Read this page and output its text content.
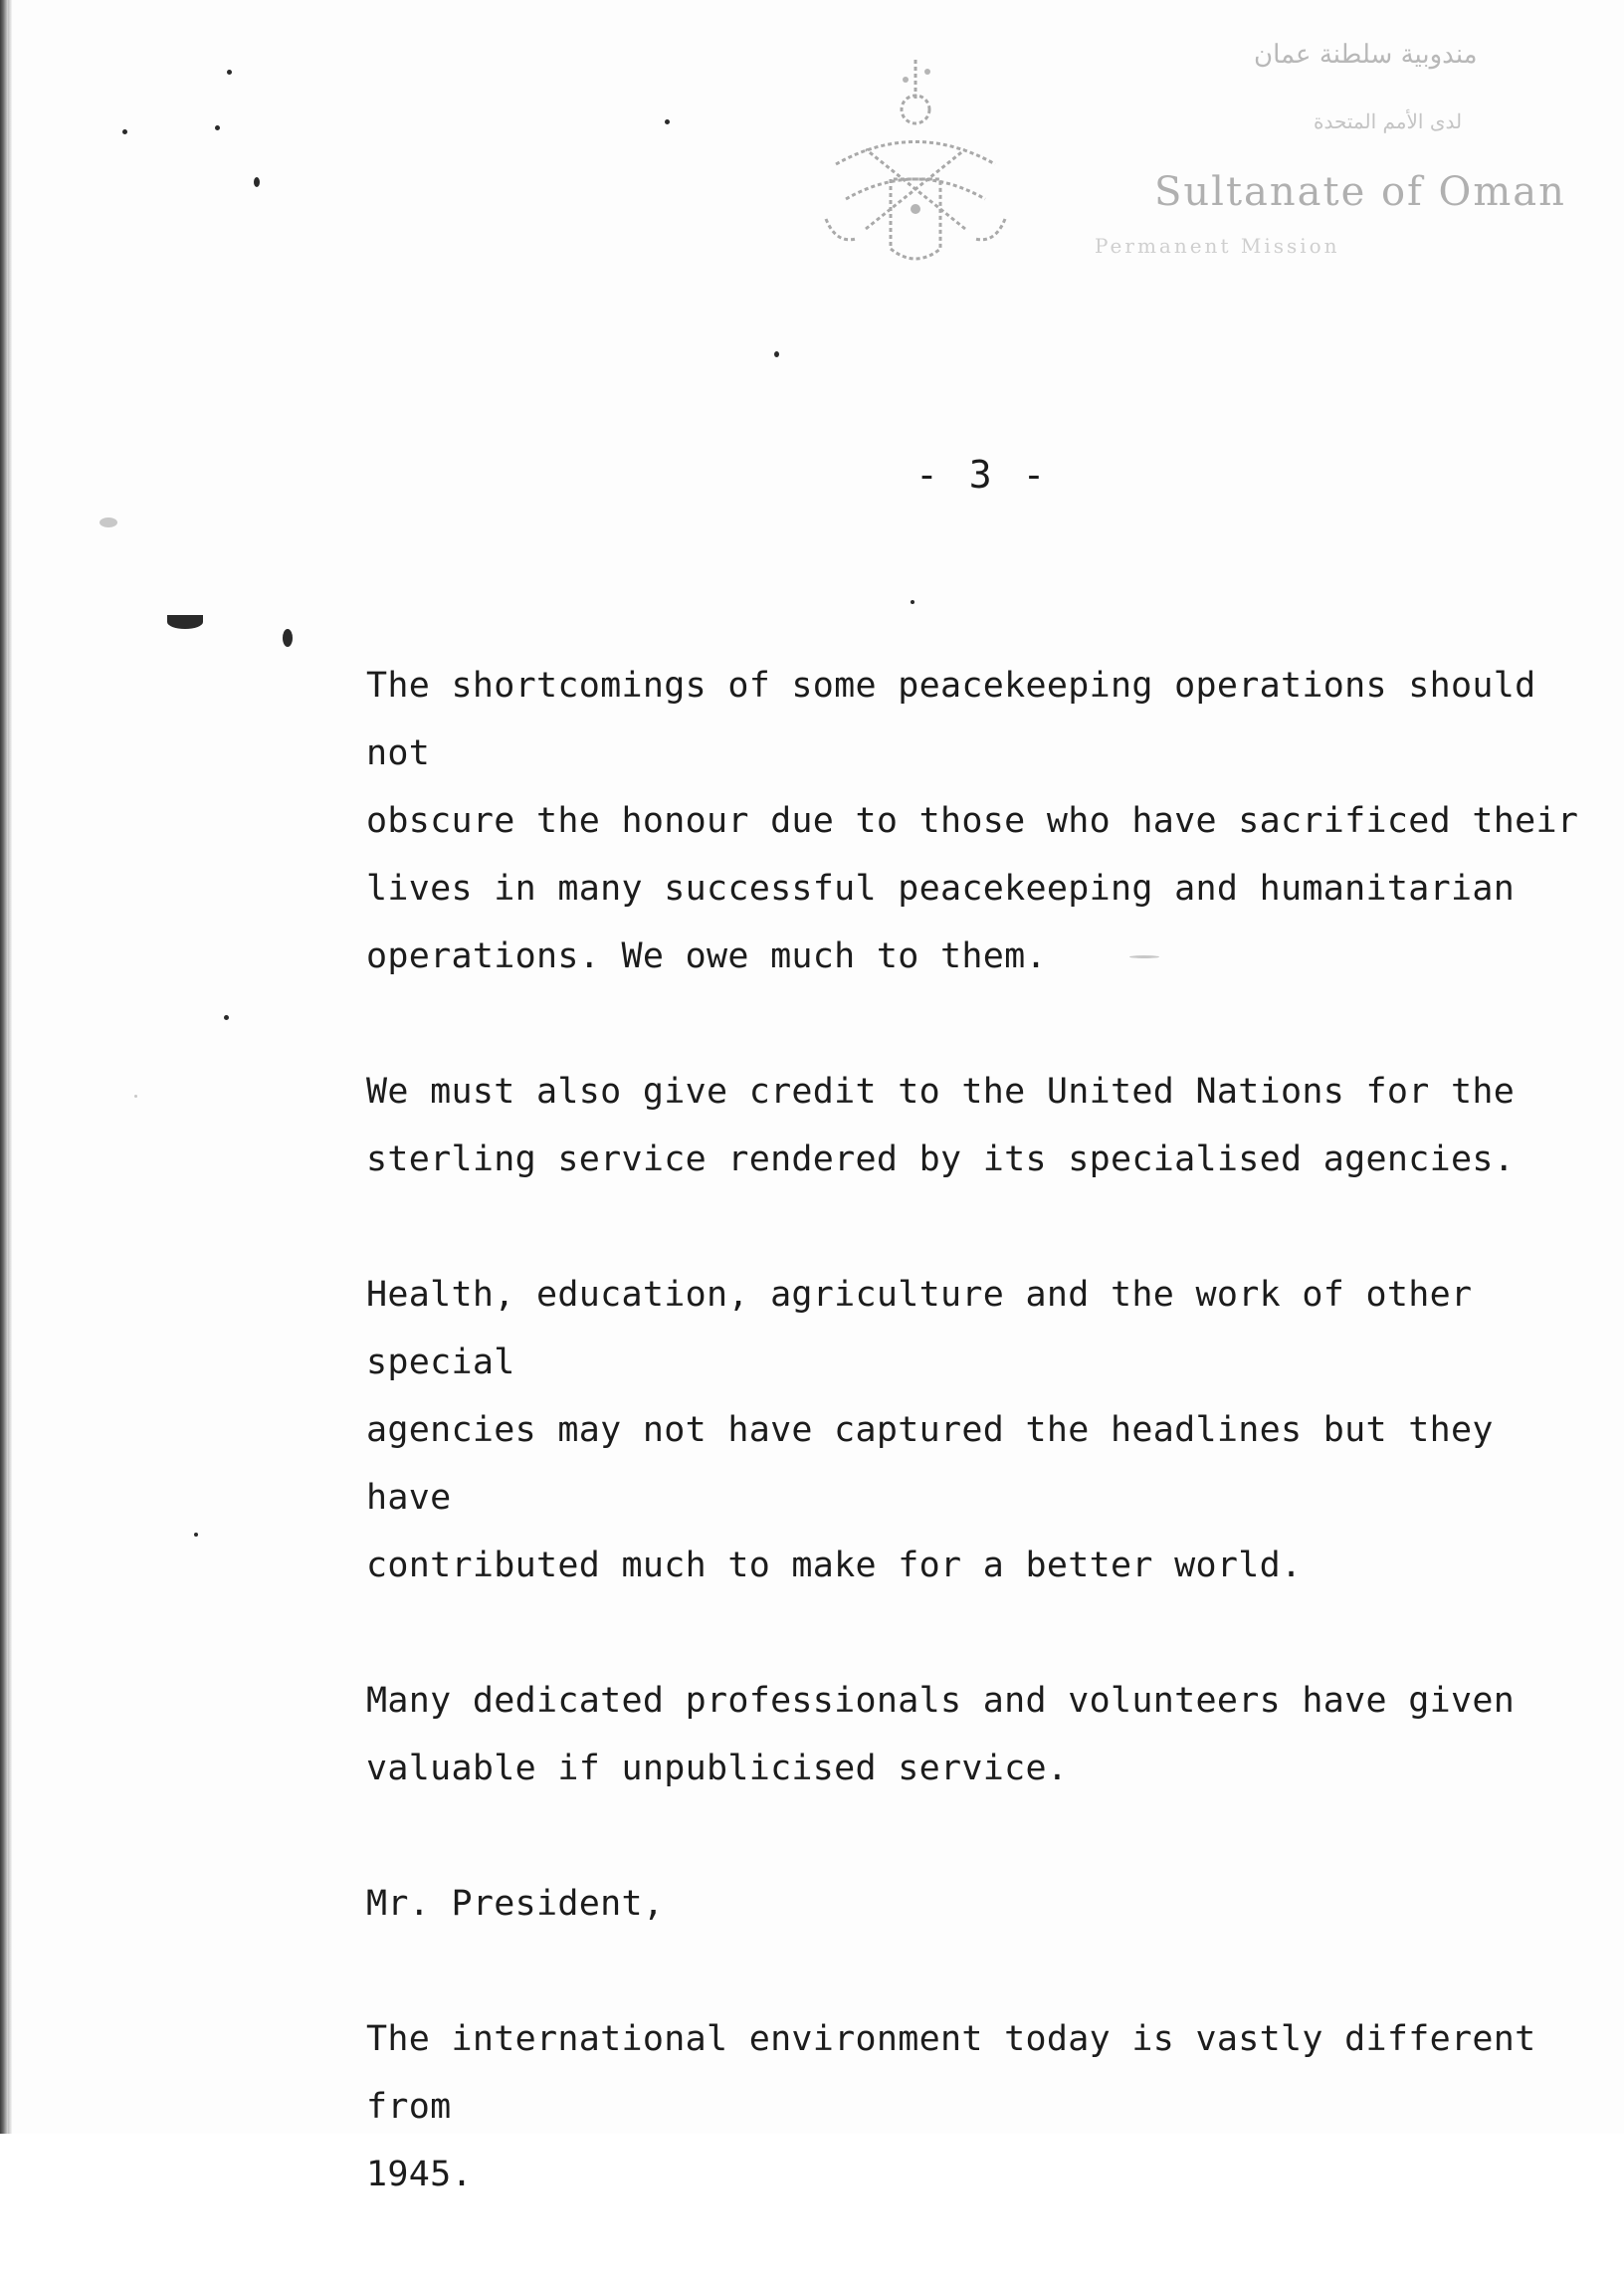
مندوبية سلطنة عمان
لدى الأمم المتحدة
Sultanate of Oman
Permanent Mission
- 3 -

The shortcomings of some peacekeeping operations should not
obscure the honour due to those who have sacrificed their
lives in many successful peacekeeping and humanitarian
operations. We owe much to them.

We must also give credit to the United Nations for the
sterling service rendered by its specialised agencies.

Health, education, agriculture and the work of other special
agencies may not have captured the headlines but they have
contributed much to make for a better world.

Many dedicated professionals and volunteers have given
valuable if unpublicised service.

Mr. President,

The international environment today is vastly different from
1945.
